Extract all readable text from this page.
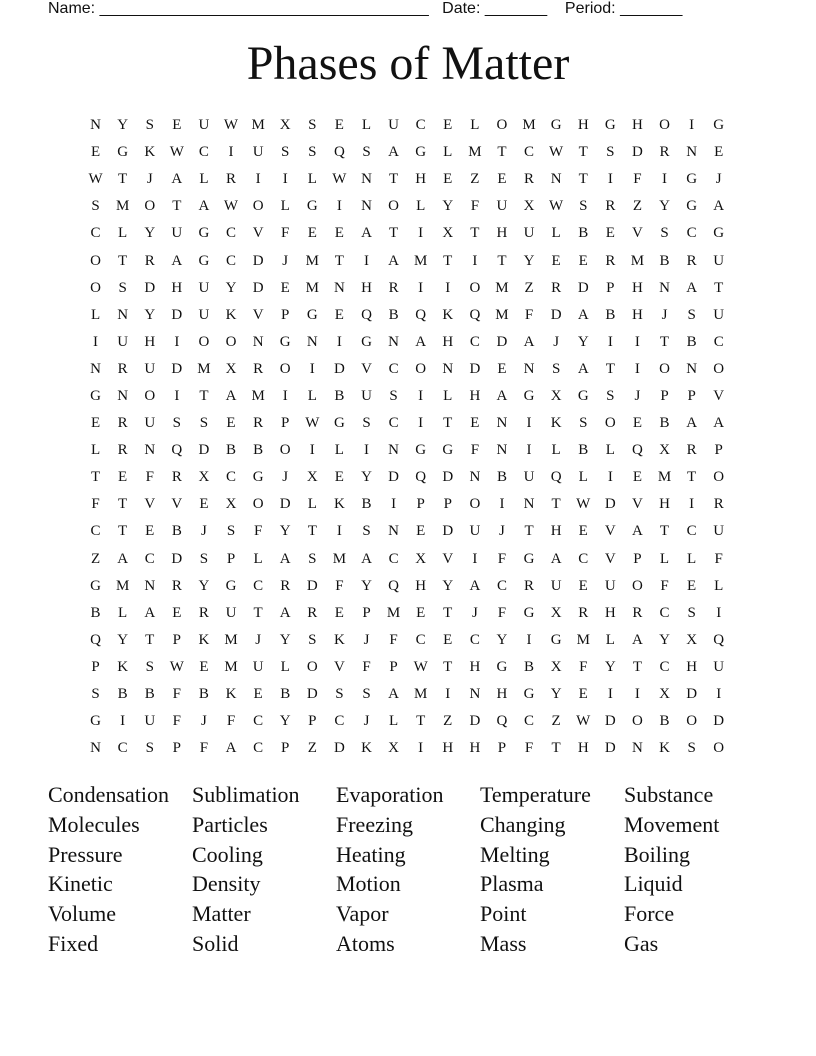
Name: _____________________________________ Date: _______ Period: _______
Phases of Matter
N	Y	S	E	U W M	X	S	E	L	U	C	E	L	O	M	G	H	G	H	O	I	G
E	G	K W	C	I	U	S	S	Q	S	A	G	L	M	T	C	W	T	S	D	R	N	E
W	T	J	A	L	R	I	I	L	W N	T	H	E	Z	E	R	N	T	I	F	I	G	J
S	M	O	T	A W O	L	G	I	N	O	L	Y	F	U	X W	S	R	Z	Y	G	A
C	L	Y	U	G	C	V	F	E	E	A	T	I	X	T	H	U	L	B	E	V	S	C	G
O	T	R	A	G	C	D	J	M	T	I	A	M	T	I	T	Y	E	E	R	M	B	R	U
O	S	D	H	U	Y	D	E	M	N	H	R	I	I	O	M	Z	R	D	P	H	N	A	T
L	N	Y	D	U	K	V	P	G	E	Q	B	Q	K	Q	M	F	D	A	B	H	J	S	U
I	U	H	I	O	O	N	G	N	I	G	N	A	H	C	D	A	J	Y	I	I	T	B	C
N	R	U	D	M	X	R	O	I	D	V	C	O	N	D	E	N	S	A	T	I	O	N	O
G	N	O	I	T	A	M	I	L	B	U	S	I	L	H	A	G	X	G	S	J	P	P	V
E	R	U	S	S	E	R	P	W G	S	C	I	T	E	N	I	K	S	O	E	B	A	A
L	R	N	Q	D	B	B	O	I	L	I	N	G	G	F	N	I	L	B	L	Q	X	R	P
T	E	F	R	X	C	G	J	X	E	Y	D	Q	D	N	B	U	Q	L	I	E	M	T	O
F	T	V	V	E	X	O	D	L	K	B	I	P	P	O	I	N	T	W D	V	H	I	R
C	T	E	B	J	S	F	Y	T	I	S	N	E	D	U	J	T	H	E	V	A	T	C	U
Z	A	C	D	S	P	L	A	S	M	A	C	X	V	I	F	G	A	C	V	P	L	L	F
G	M	N	R	Y	G	C	R	D	F	Y	Q	H	Y	A	C	R	U	E	U	O	F	E	L
B	L	A	E	R	U	T	A	R	E	P	M	E	T	J	F	G	X	R	H	R	C	S	I
Q	Y	T	P	K	M	J	Y	S	K	J	F	C	E	C	Y	I	G	M	L	A	Y	X	Q
P	K	S	W	E	M	U	L	O	V	F	P	W	T	H	G	B	X	F	Y	T	C	H	U
S	B	B	F	B	K	E	B	D	S	S	A	M	I	N	H	G	Y	E	I	I	X	D	I
G	I	U	F	J	F	C	Y	P	C	J	L	T	Z	D	Q	C	Z	W D	O	B	O	D
N	C	S	P	F	A	C	P	Z	D	K	X	I	H	H	P	F	T	H	D	N	K	S	O
Condensation	Sublimation	Evaporation	Temperature	Substance
Molecules	Particles	Freezing	Changing	Movement
Pressure	Cooling	Heating	Melting	Boiling
Kinetic	Density	Motion	Plasma	Liquid
Volume	Matter	Vapor	Point	Force
Fixed	Solid	Atoms	Mass	Gas
